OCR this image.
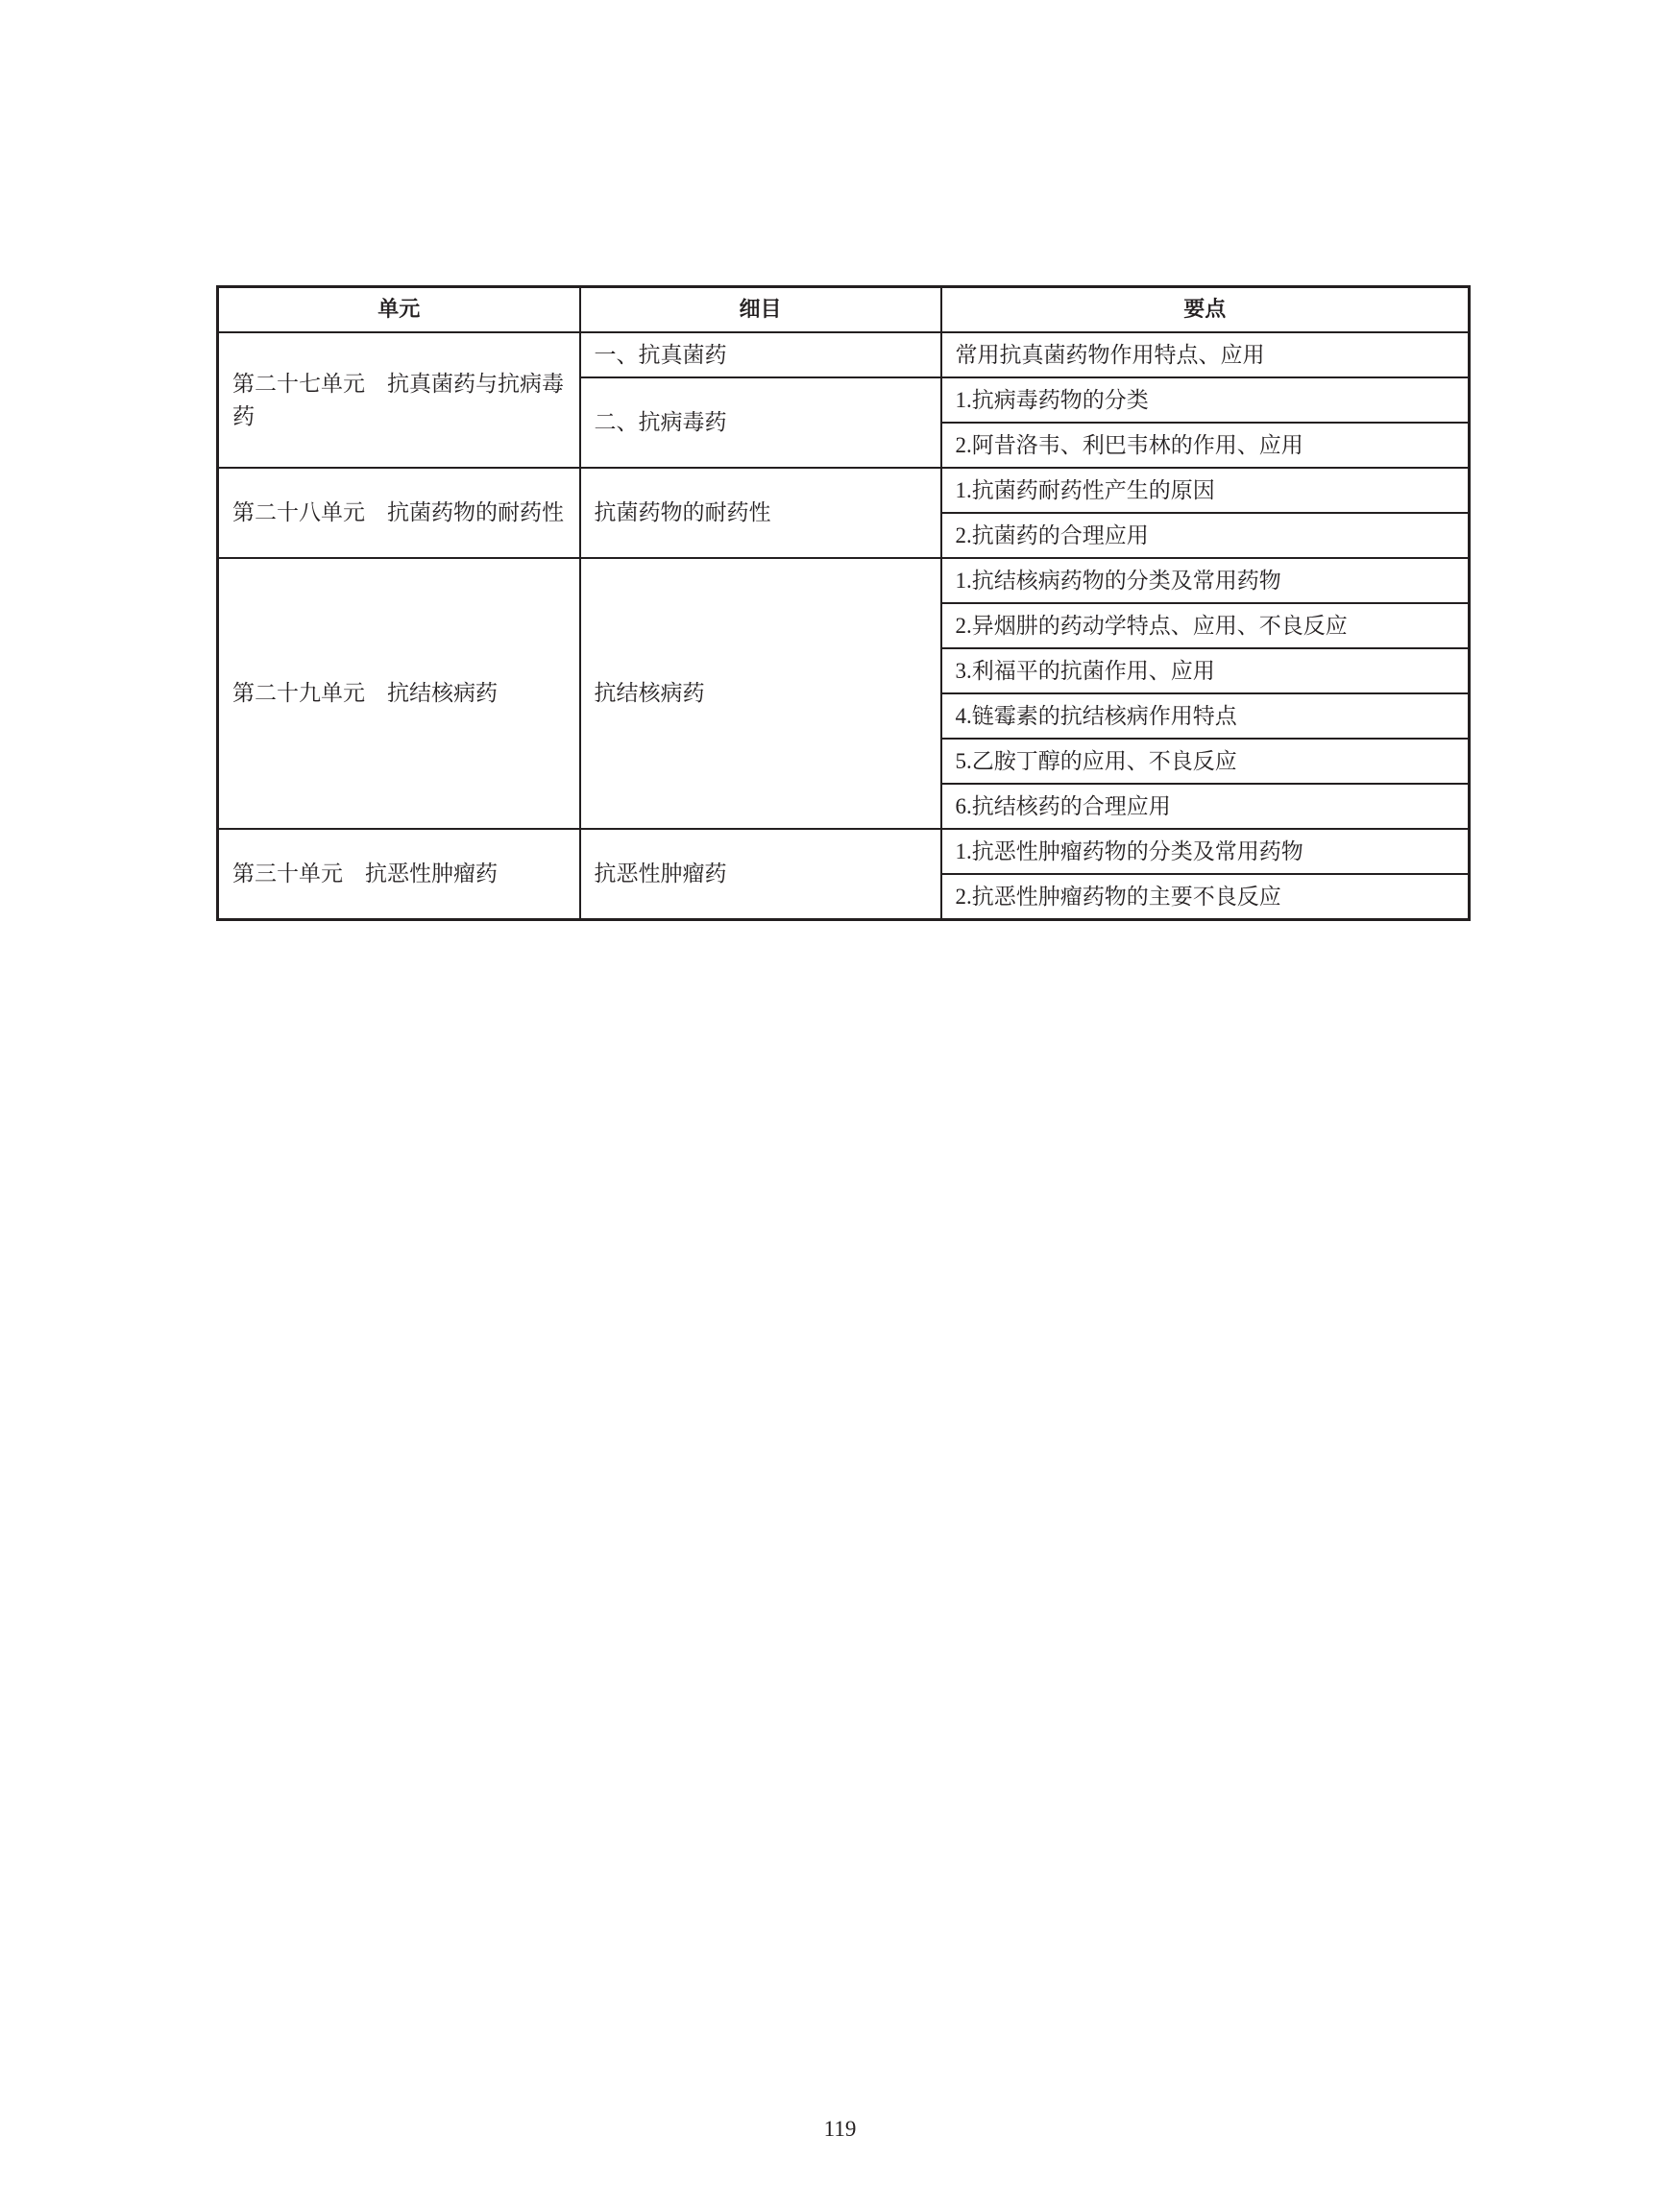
单元	细目	要点
第二十七单元　抗真菌药与抗病毒药	一、抗真菌药	常用抗真菌药物作用特点、应用
	二、抗病毒药	1.抗病毒药物的分类
		2.阿昔洛韦、利巴韦林的作用、应用
第二十八单元　抗菌药物的耐药性	抗菌药物的耐药性	1.抗菌药耐药性产生的原因
		2.抗菌药的合理应用
第二十九单元　抗结核病药	抗结核病药	1.抗结核病药物的分类及常用药物
		2.异烟肼的药动学特点、应用、不良反应
		3.利福平的抗菌作用、应用
		4.链霉素的抗结核病作用特点
		5.乙胺丁醇的应用、不良反应
		6.抗结核药的合理应用
第三十单元　抗恶性肿瘤药	抗恶性肿瘤药	1.抗恶性肿瘤药物的分类及常用药物
		2.抗恶性肿瘤药物的主要不良反应
119
